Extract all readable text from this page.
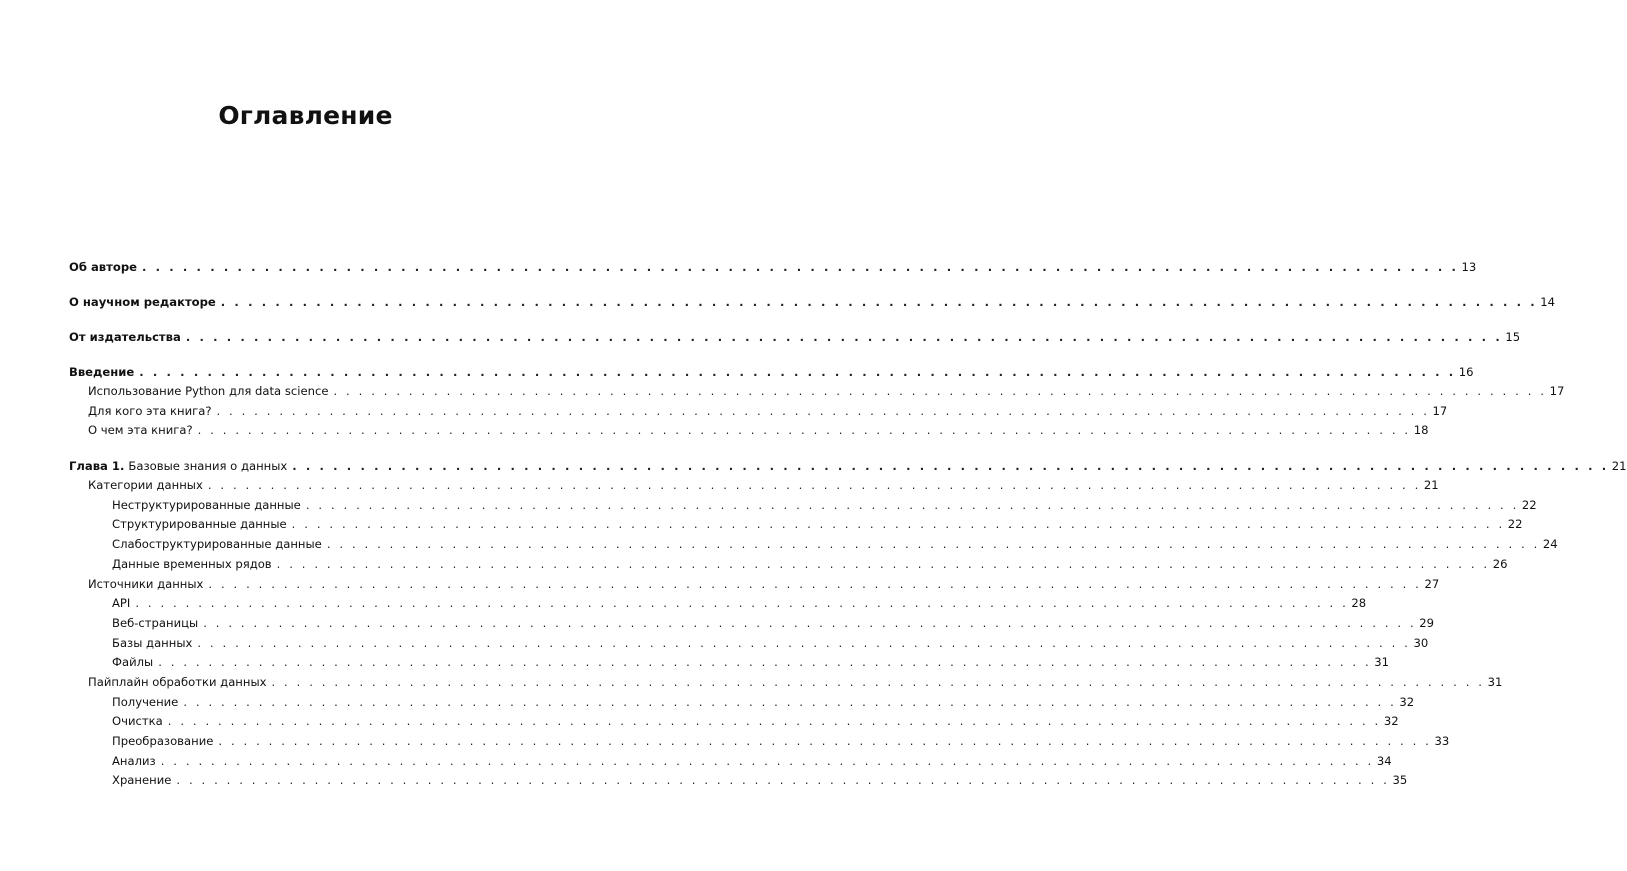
Оглавление
Об авторе . . . . . . . . . . . . . . . . . . . . . . . . . . . . . . . . . . . . . . . . . . . . . . . . . . . . . . . . . . . . . . . . . . . . . . . . . . . . . . . . . . . . . . . . . . . . . . . . . 13
О научном редакторе . . . . . . . . . . . . . . . . . . . . . . . . . . . . . . . . . . . . . . . . . . . . . . . . . . . . . . . . . . . . . . . . . . . . . . . . . . . . . . . . . . . . . . . . . . . . . . . . . 14
От издательства . . . . . . . . . . . . . . . . . . . . . . . . . . . . . . . . . . . . . . . . . . . . . . . . . . . . . . . . . . . . . . . . . . . . . . . . . . . . . . . . . . . . . . . . . . . . . . . . . 15
Введение . . . . . . . . . . . . . . . . . . . . . . . . . . . . . . . . . . . . . . . . . . . . . . . . . . . . . . . . . . . . . . . . . . . . . . . . . . . . . . . . . . . . . . . . . . . . . . . . . 16
Использование Python для data science . . . . . . . . . . . . . . . . . . . . . . . . . . . . . . . . . . . . . . . . . . . . . . . . . . . . . . . . . . . . . . . . . . . . . . . . . . . . . . . . . . . . . . . . . . . . . . . . . 17
Для кого эта книга? . . . . . . . . . . . . . . . . . . . . . . . . . . . . . . . . . . . . . . . . . . . . . . . . . . . . . . . . . . . . . . . . . . . . . . . . . . . . . . . . . . . . . . . . . . . . . . . . . 17
О чем эта книга? . . . . . . . . . . . . . . . . . . . . . . . . . . . . . . . . . . . . . . . . . . . . . . . . . . . . . . . . . . . . . . . . . . . . . . . . . . . . . . . . . . . . . . . . . . . . . . . . . 18
Глава 1. Базовые знания о данных . . . . . . . . . . . . . . . . . . . . . . . . . . . . . . . . . . . . . . . . . . . . . . . . . . . . . . . . . . . . . . . . . . . . . . . . . . . . . . . . . . . . . . . . . . . . . . . . . 21
Категории данных . . . . . . . . . . . . . . . . . . . . . . . . . . . . . . . . . . . . . . . . . . . . . . . . . . . . . . . . . . . . . . . . . . . . . . . . . . . . . . . . . . . . . . . . . . . . . . . . . 21
Неструктурированные данные . . . . . . . . . . . . . . . . . . . . . . . . . . . . . . . . . . . . . . . . . . . . . . . . . . . . . . . . . . . . . . . . . . . . . . . . . . . . . . . . . . . . . . . . . . . . . . . . . 22
Структурированные данные . . . . . . . . . . . . . . . . . . . . . . . . . . . . . . . . . . . . . . . . . . . . . . . . . . . . . . . . . . . . . . . . . . . . . . . . . . . . . . . . . . . . . . . . . . . . . . . . . 22
Слабоструктурированные данные . . . . . . . . . . . . . . . . . . . . . . . . . . . . . . . . . . . . . . . . . . . . . . . . . . . . . . . . . . . . . . . . . . . . . . . . . . . . . . . . . . . . . . . . . . . . . . . . . 24
Данные временных рядов . . . . . . . . . . . . . . . . . . . . . . . . . . . . . . . . . . . . . . . . . . . . . . . . . . . . . . . . . . . . . . . . . . . . . . . . . . . . . . . . . . . . . . . . . . . . . . . . . 26
Источники данных . . . . . . . . . . . . . . . . . . . . . . . . . . . . . . . . . . . . . . . . . . . . . . . . . . . . . . . . . . . . . . . . . . . . . . . . . . . . . . . . . . . . . . . . . . . . . . . . . 27
API . . . . . . . . . . . . . . . . . . . . . . . . . . . . . . . . . . . . . . . . . . . . . . . . . . . . . . . . . . . . . . . . . . . . . . . . . . . . . . . . . . . . . . . . . . . . . . . . . 28
Веб-страницы . . . . . . . . . . . . . . . . . . . . . . . . . . . . . . . . . . . . . . . . . . . . . . . . . . . . . . . . . . . . . . . . . . . . . . . . . . . . . . . . . . . . . . . . . . . . . . . . . 29
Базы данных . . . . . . . . . . . . . . . . . . . . . . . . . . . . . . . . . . . . . . . . . . . . . . . . . . . . . . . . . . . . . . . . . . . . . . . . . . . . . . . . . . . . . . . . . . . . . . . . . 30
Файлы . . . . . . . . . . . . . . . . . . . . . . . . . . . . . . . . . . . . . . . . . . . . . . . . . . . . . . . . . . . . . . . . . . . . . . . . . . . . . . . . . . . . . . . . . . . . . . . . . 31
Пайплайн обработки данных . . . . . . . . . . . . . . . . . . . . . . . . . . . . . . . . . . . . . . . . . . . . . . . . . . . . . . . . . . . . . . . . . . . . . . . . . . . . . . . . . . . . . . . . . . . . . . . . . 31
Получение . . . . . . . . . . . . . . . . . . . . . . . . . . . . . . . . . . . . . . . . . . . . . . . . . . . . . . . . . . . . . . . . . . . . . . . . . . . . . . . . . . . . . . . . . . . . . . . . . 32
Очистка . . . . . . . . . . . . . . . . . . . . . . . . . . . . . . . . . . . . . . . . . . . . . . . . . . . . . . . . . . . . . . . . . . . . . . . . . . . . . . . . . . . . . . . . . . . . . . . . . 32
Преобразование . . . . . . . . . . . . . . . . . . . . . . . . . . . . . . . . . . . . . . . . . . . . . . . . . . . . . . . . . . . . . . . . . . . . . . . . . . . . . . . . . . . . . . . . . . . . . . . . . 33
Анализ . . . . . . . . . . . . . . . . . . . . . . . . . . . . . . . . . . . . . . . . . . . . . . . . . . . . . . . . . . . . . . . . . . . . . . . . . . . . . . . . . . . . . . . . . . . . . . . . . 34
Хранение . . . . . . . . . . . . . . . . . . . . . . . . . . . . . . . . . . . . . . . . . . . . . . . . . . . . . . . . . . . . . . . . . . . . . . . . . . . . . . . . . . . . . . . . . . . . . . . . . 35
